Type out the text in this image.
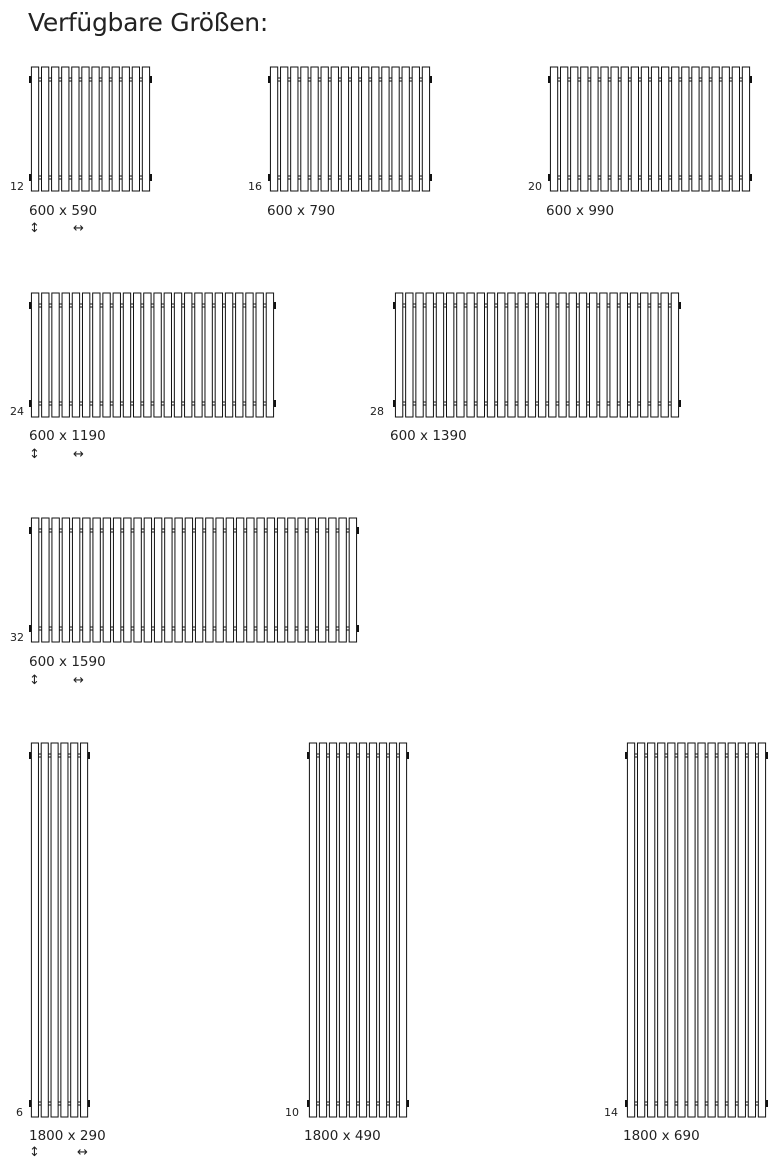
Verfügbare Größen:
12
600 x 590
↕	↔
16
600 x 790
20
600 x 990
24
600 x 1190
↕	↔
28
600 x 1390
32
600 x 1590
↕	↔
6
1800 x 290
↕	↔
10
1800 x 490
14
1800 x 690
